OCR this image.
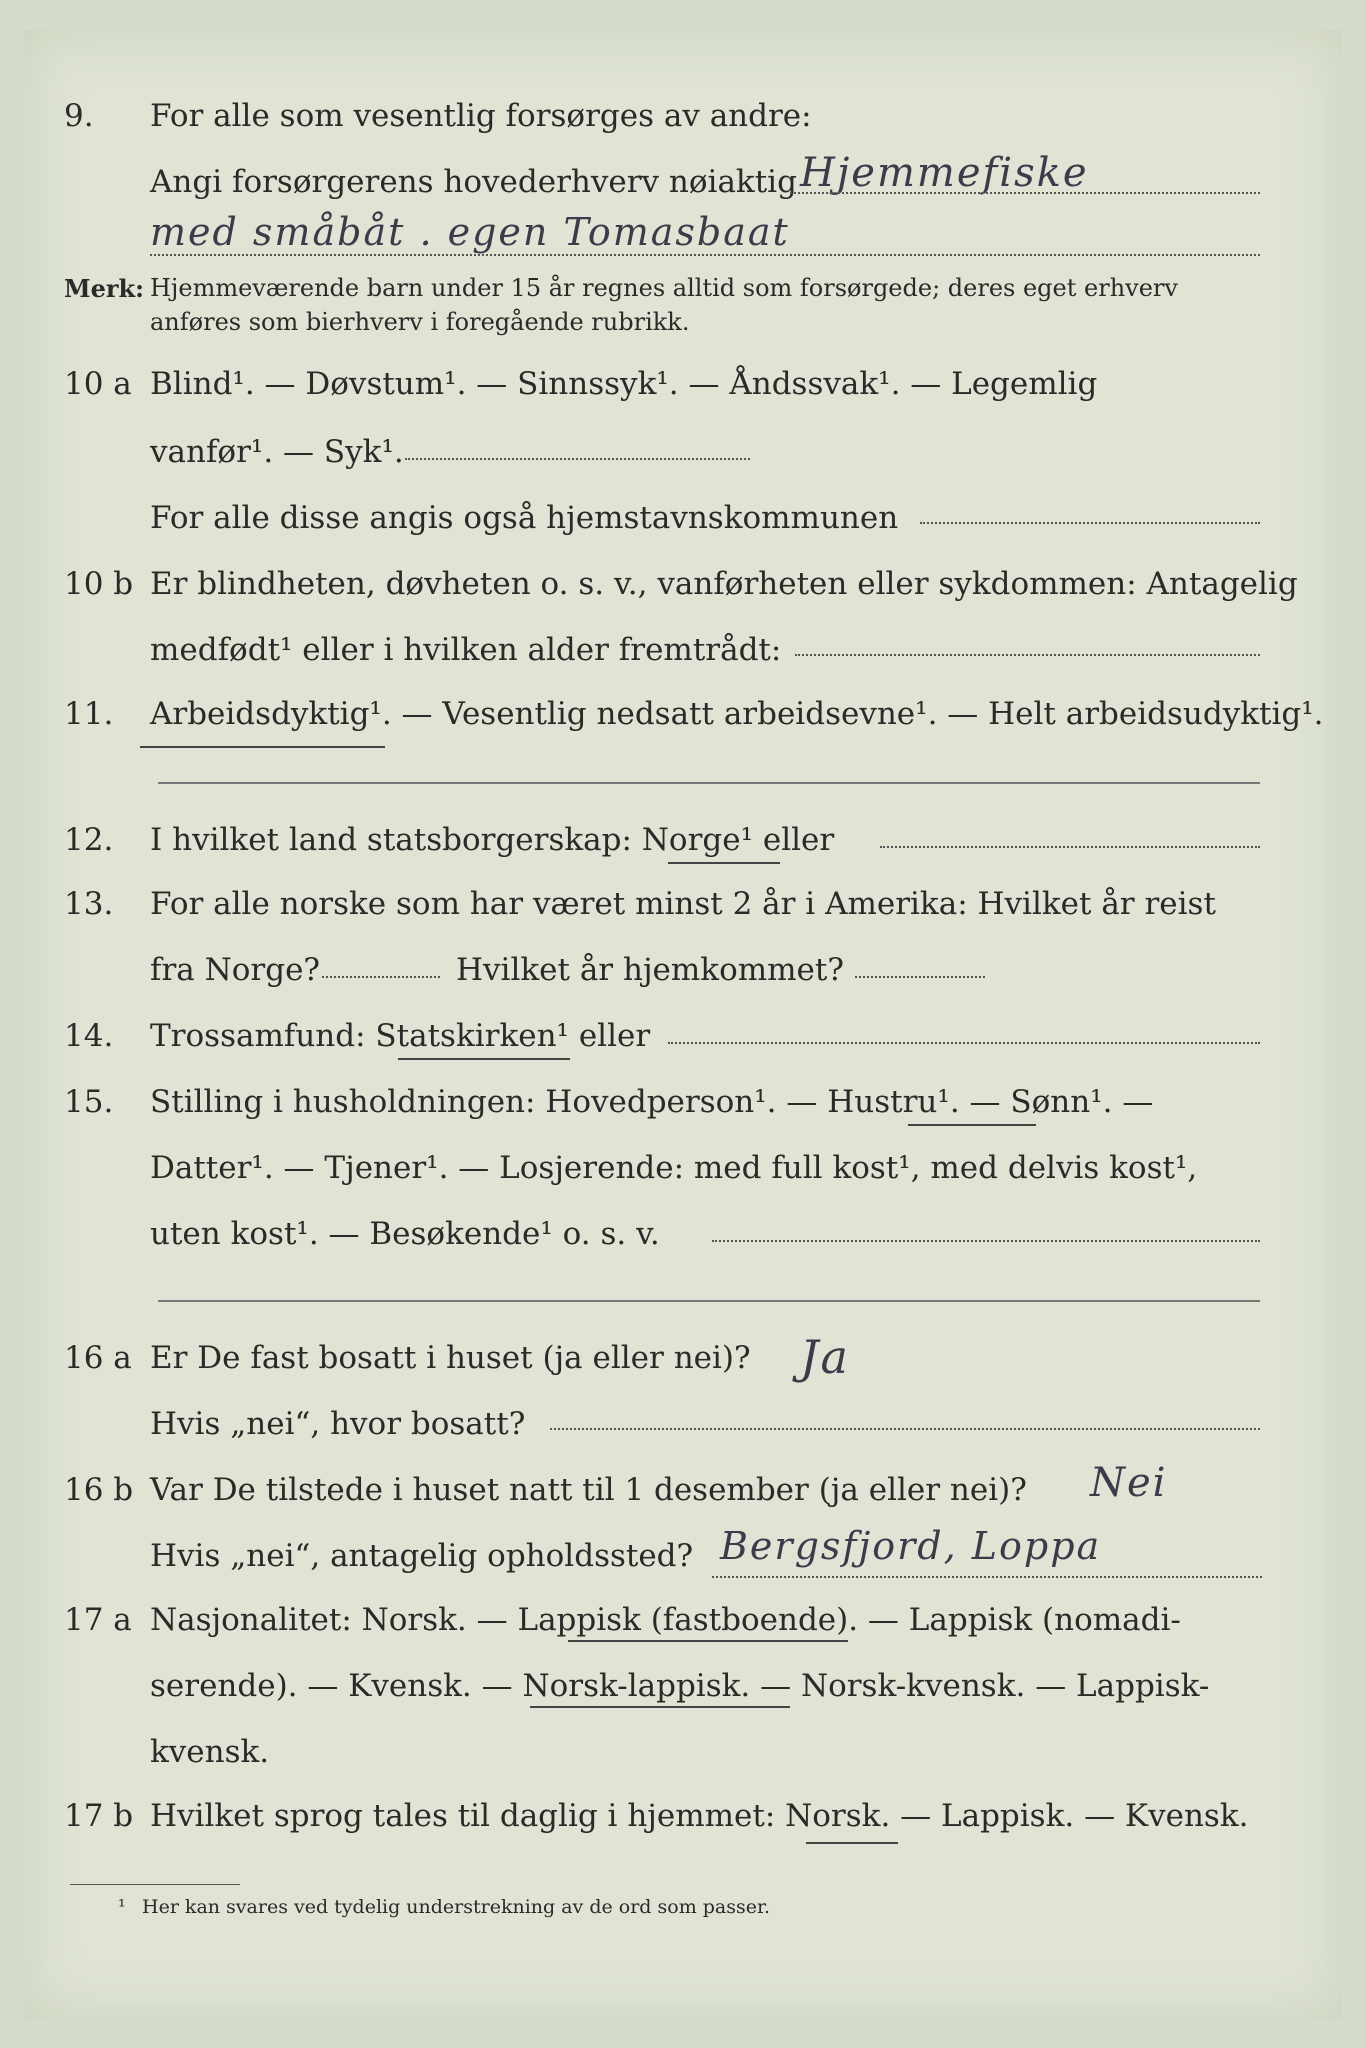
9. For alle som vesentlig forsørges av andre:
Angi forsørgerens hovederhverv nøiaktig Hjemmefiske
med småbåt . egen Tomasbaat
Merk: Hjemmeværende barn under 15 år regnes alltid som forsørgede; deres eget erhverv
anføres som bierhverv i foregående rubrikk.
10 a Blind¹. — Døvstum¹. — Sinnssyk¹. — Åndssvak¹. — Legemlig
vanfør¹. — Syk¹.
For alle disse angis også hjemstavnskommunen
10 b Er blindheten, døvheten o. s. v., vanførheten eller sykdommen: Antagelig
medfødt¹ eller i hvilken alder fremtrådt:
11. Arbeidsdyktig¹. — Vesentlig nedsatt arbeidsevne¹. — Helt arbeidsudyktig¹.
12. I hvilket land statsborgerskap: Norge¹ eller
13. For alle norske som har været minst 2 år i Amerika: Hvilket år reist
fra Norge?	Hvilket år hjemkommet?
14. Trossamfund: Statskirken¹ eller
15. Stilling i husholdningen: Hovedperson¹. — Hustru¹. — Sønn¹. —
Datter¹. — Tjener¹. — Losjerende: med full kost¹, med delvis kost¹,
uten kost¹. — Besøkende¹ o. s. v.
16 a Er De fast bosatt i huset (ja eller nei)?	Ja
Hvis „nei“, hvor bosatt?
16 b Var De tilstede i huset natt til 1 desember (ja eller nei)?	Nei
Hvis „nei“, antagelig opholdssted? Bergsfjord, Loppa
17 a Nasjonalitet: Norsk. — Lappisk (fastboende). — Lappisk (nomadi-
serende). — Kvensk. — Norsk-lappisk. — Norsk-kvensk. — Lappisk-
kvensk.
17 b Hvilket sprog tales til daglig i hjemmet: Norsk. — Lappisk. — Kvensk.
¹ Her kan svares ved tydelig understrekning av de ord som passer.
